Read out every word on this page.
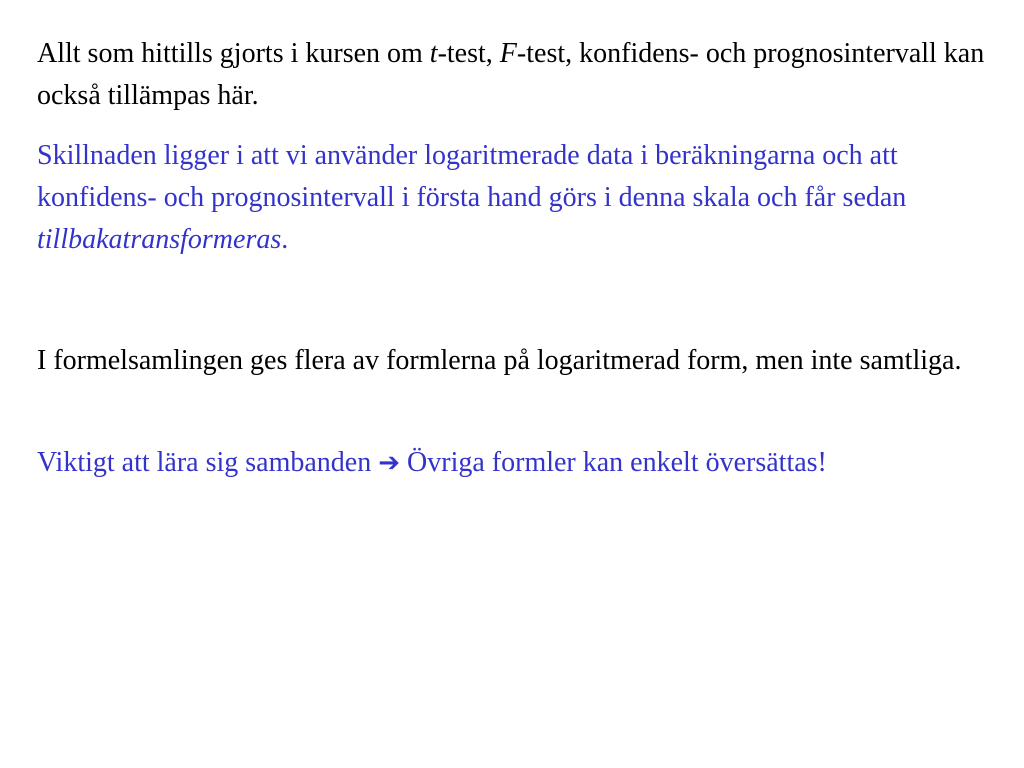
Allt som hittills gjorts i kursen om t-test, F-test, konfidens- och prognosintervall kan också tillämpas här.

Skillnaden ligger i att vi använder logaritmerade data i beräkningarna och att konfidens- och prognosintervall i första hand görs i denna skala och får sedan tillbakatransformeras.

I formelsamlingen ges flera av formlerna på logaritmerad form, men inte samtliga.

Viktigt att lära sig sambanden ➔ Övriga formler kan enkelt översättas!
